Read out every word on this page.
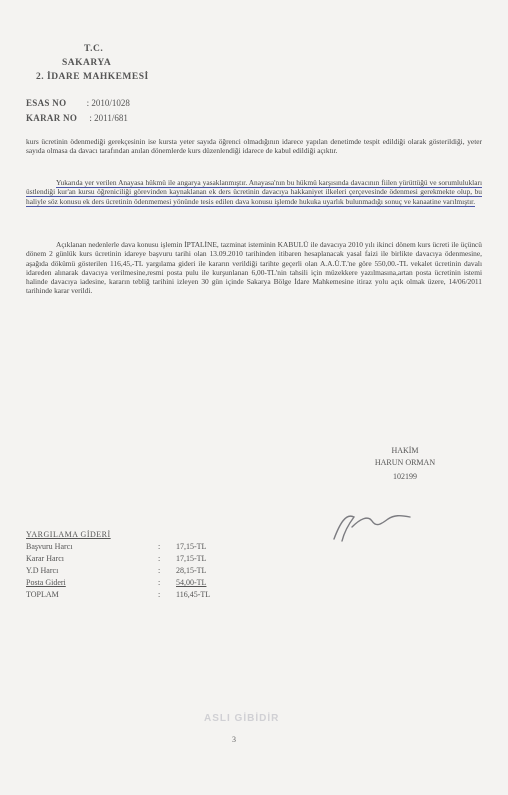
T.C.
SAKARYA
2. İDARE MAHKEMESİ
ESAS NO : 2010/1028
KARAR NO : 2011/681

kurs ücretinin ödenmediği gerekçesinin ise kursta yeter sayıda öğrenci olmadığının idarece yapılan denetimde tespit edildiği olarak gösterildiği, yeter sayıda olmasa da davacı tarafından anılan dönemlerde kurs düzenlendiği idarece de kabul edildiği açıktır.

Yukarıda yer verilen Anayasa hükmü ile angarya yasaklanmıştır. Anayasa'nın bu hükmü karşısında davacının fiilen yürüttüğü ve sorumlulukları üstlendiği kur'an kursu öğreniciliği görevinden kaynaklanan ek ders ücretinin davacıya hakkaniyet ilkeleri çerçevesinde ödenmesi gerekmekte olup, bu haliyle söz konusu ek ders ücretinin ödenmemesi yönünde tesis edilen dava konusu işlemde hukuka uyarlık bulunmadığı sonuç ve kanaatine varılmıştır.

Açıklanan nedenlerle dava konusu işlemin İPTALİNE, tazminat isteminin KABULÜ ile davacıya 2010 yılı ikinci dönem kurs ücreti ile üçüncü dönem 2 günlük kurs ücretinin idareye başvuru tarihi olan 13.09.2010 tarihinden itibaren hesaplanacak yasal faizi ile birlikte davacıya ödenmesine, aşağıda dökümü gösterilen 116,45,-TL yargılama gideri ile kararın verildiği tarihte geçerli olan A.A.Ü.T.'ne göre 550,00.-TL vekalet ücretinin davalı idareden alınarak davacıya verilmesine,resmi posta pulu ile kurşunlanan 6,00-TL'nin tahsili için müzekkere yazılmasına,artan posta ücretinin istemi halinde davacıya iadesine, kararın tebliğ tarihini izleyen 30 gün içinde Sakarya Bölge İdare Mahkemesine itiraz yolu açık olmak üzere, 14/06/2011 tarihinde karar verildi.

HAKİM
HARUN ORMAN
102199
YARGILAMA GİDERİ
Başvuru Harcı	: 17,15-TL
Karar Harcı	: 17,15-TL
Y.D Harcı	: 28,15-TL
Posta Gideri	: 54,00-TL
TOPLAM	: 116,45-TL
ASLI GİBİDİR
3
